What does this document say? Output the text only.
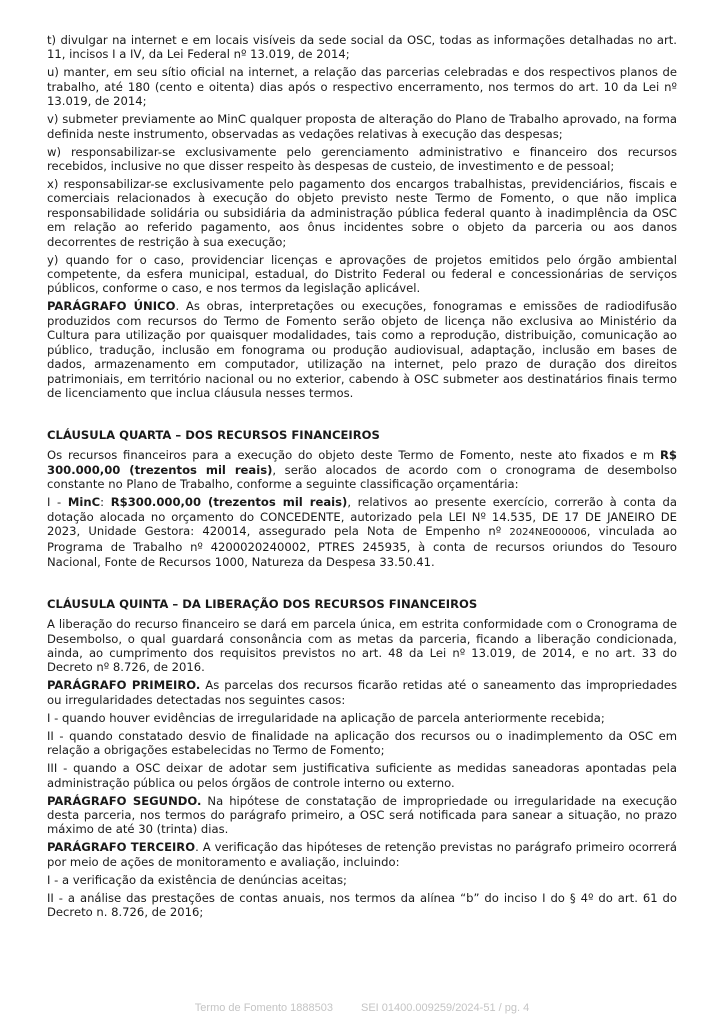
t) divulgar na internet e em locais visíveis da sede social da OSC, todas as informações detalhadas no art. 11, incisos I a IV, da Lei Federal nº 13.019, de 2014;

u) manter, em seu sítio oficial na internet, a relação das parcerias celebradas e dos respectivos planos de trabalho, até 180 (cento e oitenta) dias após o respectivo encerramento, nos termos do art. 10 da Lei nº 13.019, de 2014;

v) submeter previamente ao MinC qualquer proposta de alteração do Plano de Trabalho aprovado, na forma definida neste instrumento, observadas as vedações relativas à execução das despesas;

w) responsabilizar-se exclusivamente pelo gerenciamento administrativo e financeiro dos recursos recebidos, inclusive no que disser respeito às despesas de custeio, de investimento e de pessoal;

x) responsabilizar-se exclusivamente pelo pagamento dos encargos trabalhistas, previdenciários, fiscais e comerciais relacionados à execução do objeto previsto neste Termo de Fomento, o que não implica responsabilidade solidária ou subsidiária da administração pública federal quanto à inadimplência da OSC em relação ao referido pagamento, aos ônus incidentes sobre o objeto da parceria ou aos danos decorrentes de restrição à sua execução;

y) quando for o caso, providenciar licenças e aprovações de projetos emitidos pelo órgão ambiental competente, da esfera municipal, estadual, do Distrito Federal ou federal e concessionárias de serviços públicos, conforme o caso, e nos termos da legislação aplicável.

PARÁGRAFO ÚNICO. As obras, interpretações ou execuções, fonogramas e emissões de radiodifusão produzidos com recursos do Termo de Fomento serão objeto de licença não exclusiva ao Ministério da Cultura para utilização por quaisquer modalidades, tais como a reprodução, distribuição, comunicação ao público, tradução, inclusão em fonograma ou produção audiovisual, adaptação, inclusão em bases de dados, armazenamento em computador, utilização na internet, pelo prazo de duração dos direitos patrimoniais, em território nacional ou no exterior, cabendo à OSC submeter aos destinatários finais termo de licenciamento que inclua cláusula nesses termos.

CLÁUSULA QUARTA – DOS RECURSOS FINANCEIROS

Os recursos financeiros para a execução do objeto deste Termo de Fomento, neste ato fixados e m R$ 300.000,00 (trezentos mil reais), serão alocados de acordo com o cronograma de desembolso constante no Plano de Trabalho, conforme a seguinte classificação orçamentária:

I - MinC: R$300.000,00 (trezentos mil reais), relativos ao presente exercício, correrão à conta da dotação alocada no orçamento do CONCEDENTE, autorizado pela LEI Nº 14.535, DE 17 DE JANEIRO DE 2023, Unidade Gestora: 420014, assegurado pela Nota de Empenho nº 2024NE000006, vinculada ao Programa de Trabalho nº 4200020240002, PTRES 245935, à conta de recursos oriundos do Tesouro Nacional, Fonte de Recursos 1000, Natureza da Despesa 33.50.41.

CLÁUSULA QUINTA – DA LIBERAÇÃO DOS RECURSOS FINANCEIROS

A liberação do recurso financeiro se dará em parcela única, em estrita conformidade com o Cronograma de Desembolso, o qual guardará consonância com as metas da parceria, ficando a liberação condicionada, ainda, ao cumprimento dos requisitos previstos no art. 48 da Lei nº 13.019, de 2014, e no art. 33 do Decreto nº 8.726, de 2016.

PARÁGRAFO PRIMEIRO. As parcelas dos recursos ficarão retidas até o saneamento das impropriedades ou irregularidades detectadas nos seguintes casos:

I - quando houver evidências de irregularidade na aplicação de parcela anteriormente recebida;

II - quando constatado desvio de finalidade na aplicação dos recursos ou o inadimplemento da OSC em relação a obrigações estabelecidas no Termo de Fomento;

III - quando a OSC deixar de adotar sem justificativa suficiente as medidas saneadoras apontadas pela administração pública ou pelos órgãos de controle interno ou externo.

PARÁGRAFO SEGUNDO. Na hipótese de constatação de impropriedade ou irregularidade na execução desta parceria, nos termos do parágrafo primeiro, a OSC será notificada para sanear a situação, no prazo máximo de até 30 (trinta) dias.

PARÁGRAFO TERCEIRO. A verificação das hipóteses de retenção previstas no parágrafo primeiro ocorrerá por meio de ações de monitoramento e avaliação, incluindo:

I - a verificação da existência de denúncias aceitas;

II - a análise das prestações de contas anuais, nos termos da alínea “b” do inciso I do § 4º do art. 61 do Decreto n. 8.726, de 2016;

Termo de Fomento 1888503	SEI 01400.009259/2024-51 / pg. 4
